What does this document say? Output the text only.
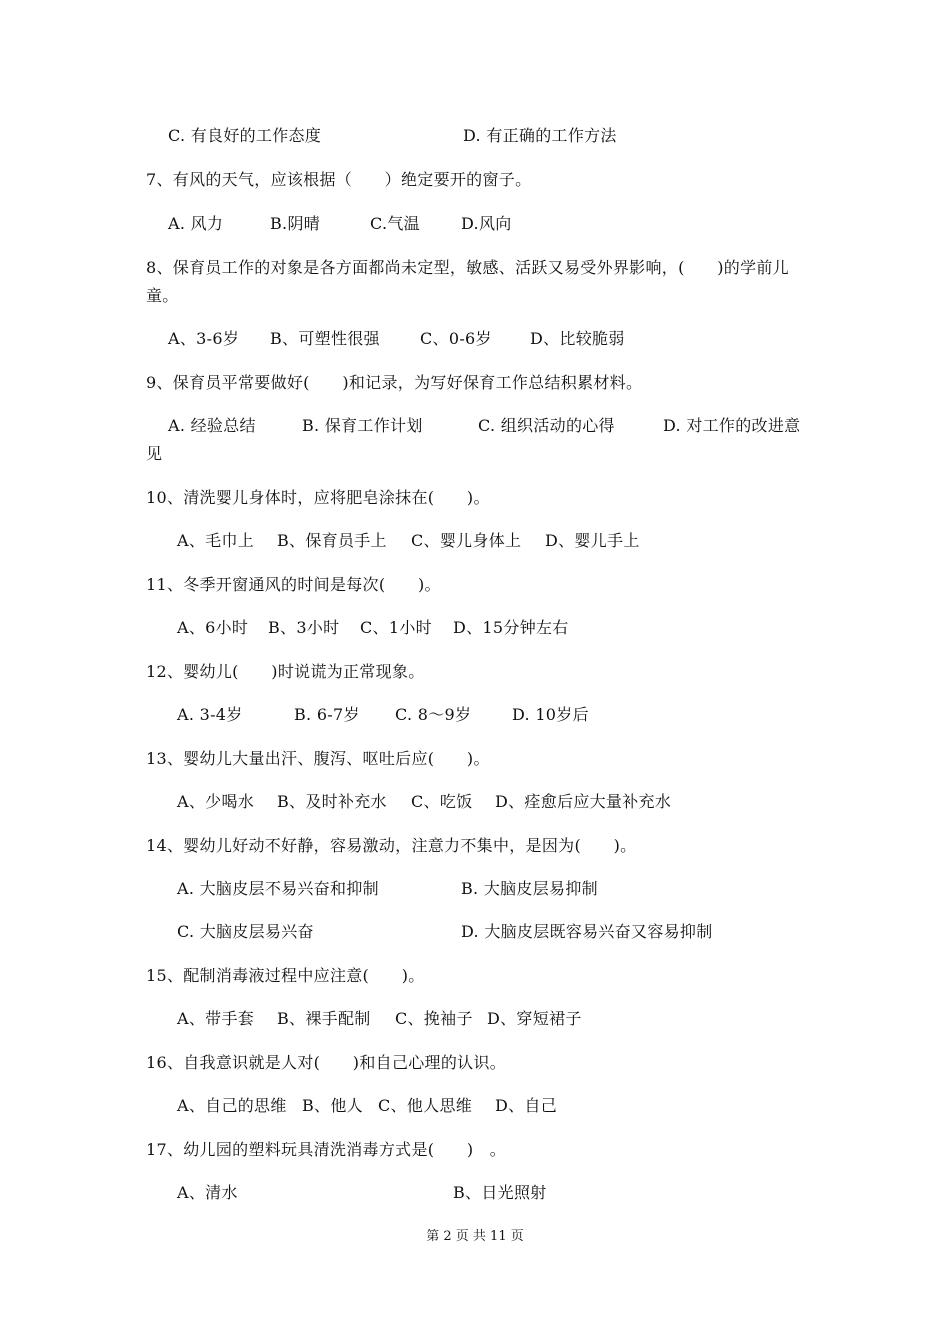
C. 有良好的工作态度	D. 有正确的工作方法
7、有风的天气，应该根据（　　）绝定要开的窗子。
A. 风力	B.阴晴	C.气温	D.风向
8、保育员工作的对象是各方面都尚未定型，敏感、活跃又易受外界影响，(　　)的学前儿
童。
A、3-6岁 B、可塑性很强	C、0-6岁 D、比较脆弱
9、保育员平常要做好(　　)和记录，为写好保育工作总结积累材料。
A. 经验总结	B. 保育工作计划	C. 组织活动的心得	D. 对工作的改进意
见
10、清洗婴儿身体时，应将肥皂涂抹在(　　)。
A、毛巾上 B、保育员手上 C、婴儿身体上 D、婴儿手上
11、冬季开窗通风的时间是每次(　　)。
A、6小时 B、3小时 C、1小时 D、15分钟左右
12、婴幼儿(　　)时说谎为正常现象。
A. 3-4岁	B. 6-7岁 C. 8～9岁	D. 10岁后
13、婴幼儿大量出汗、腹泻、呕吐后应(　　)。
A、少喝水 B、及时补充水 C、吃饭 D、痊愈后应大量补充水
14、婴幼儿好动不好静，容易激动，注意力不集中，是因为(　　)。
A. 大脑皮层不易兴奋和抑制	B. 大脑皮层易抑制
C. 大脑皮层易兴奋	D. 大脑皮层既容易兴奋又容易抑制
15、配制消毒液过程中应注意(　　)。
A、带手套 B、裸手配制 C、挽袖子 D、穿短裙子
16、自我意识就是人对(　　)和自己心理的认识。
A、自己的思维 B、他人 C、他人思维 D、自己
17、幼儿园的塑料玩具清洗消毒方式是(　　)　。
A、清水	B、日光照射
第 2 页 共 11 页
